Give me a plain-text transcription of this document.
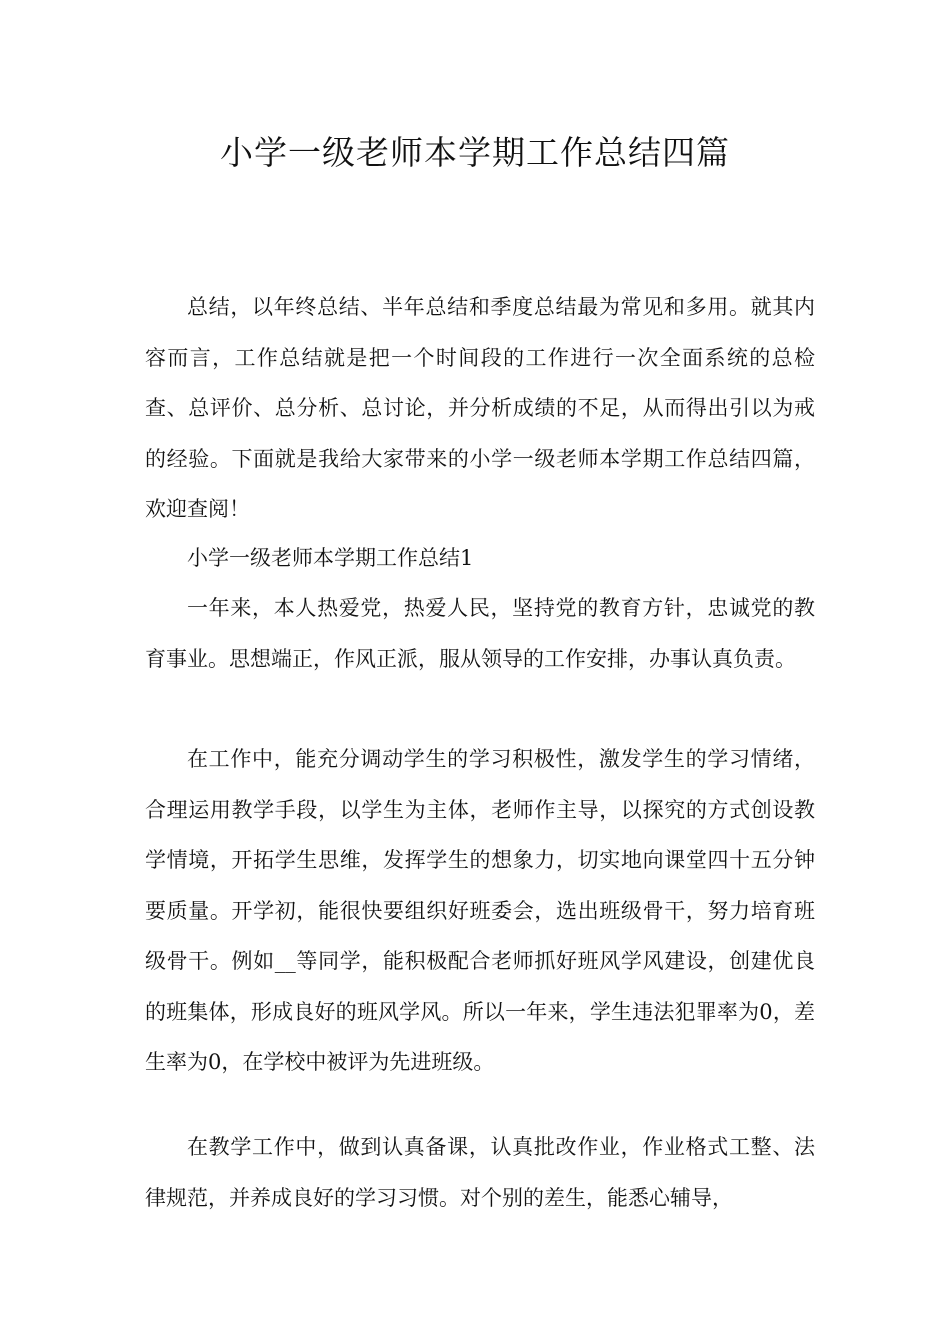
小学一级老师本学期工作总结四篇

总结，以年终总结、半年总结和季度总结最为常见和多用。就其内容而言，工作总结就是把一个时间段的工作进行一次全面系统的总检查、总评价、总分析、总讨论，并分析成绩的不足，从而得出引以为戒的经验。下面就是我给大家带来的小学一级老师本学期工作总结四篇，欢迎查阅！

小学一级老师本学期工作总结1

一年来，本人热爱党，热爱人民，坚持党的教育方针，忠诚党的教育事业。思想端正，作风正派，服从领导的工作安排，办事认真负责。

在工作中，能充分调动学生的学习积极性，激发学生的学习情绪，合理运用教学手段，以学生为主体，老师作主导，以探究的方式创设教学情境，开拓学生思维，发挥学生的想象力，切实地向课堂四十五分钟要质量。开学初，能很快要组织好班委会，选出班级骨干，努力培育班级骨干。例如__等同学，能积极配合老师抓好班风学风建设，创建优良的班集体，形成良好的班风学风。所以一年来，学生违法犯罪率为0，差生率为0，在学校中被评为先进班级。

在教学工作中，做到认真备课，认真批改作业，作业格式工整、法律规范，并养成良好的学习习惯。对个别的差生，能悉心辅导，
